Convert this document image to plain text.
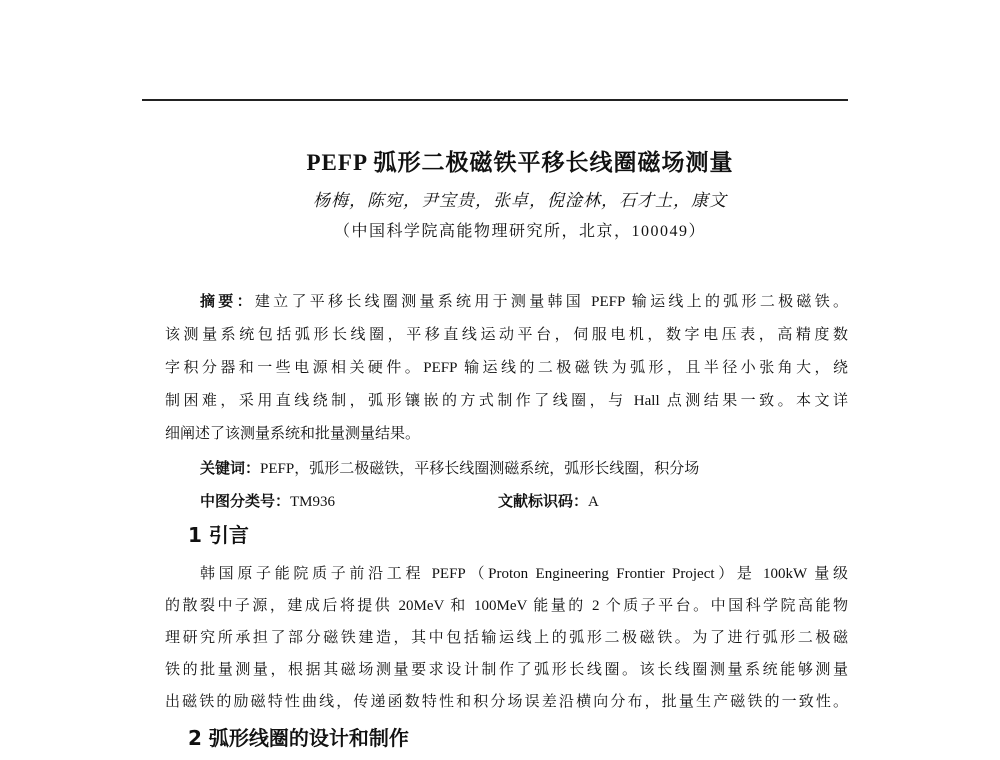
PEFP 弧形二极磁铁平移长线圈磁场测量
杨梅，陈宛，尹宝贵，张卓，倪淦林，石才土，康文
（中国科学院高能物理研究所，北京，100049）
摘要：建立了平移长线圈测量系统用于测量韩国 PEFP 输运线上的弧形二极磁铁。
该测量系统包括弧形长线圈，平移直线运动平台，伺服电机，数字电压表，高精度数
字积分器和一些电源相关硬件。PEFP 输运线的二极磁铁为弧形，且半径小张角大，绕
制困难，采用直线绕制，弧形镶嵌的方式制作了线圈，与 Hall 点测结果一致。本文详
细阐述了该测量系统和批量测量结果。
关键词：PEFP，弧形二极磁铁，平移长线圈测磁系统，弧形长线圈，积分场
中图分类号：TM936	文献标识码：A
1 引言
韩国原子能院质子前沿工程 PEFP（Proton Engineering Frontier Project）是 100kW 量级
的散裂中子源，建成后将提供 20MeV 和 100MeV 能量的 2 个质子平台。中国科学院高能物
理研究所承担了部分磁铁建造，其中包括输运线上的弧形二极磁铁。为了进行弧形二极磁
铁的批量测量，根据其磁场测量要求设计制作了弧形长线圈。该长线圈测量系统能够测量
出磁铁的励磁特性曲线，传递函数特性和积分场误差沿横向分布，批量生产磁铁的一致性。
2 弧形线圈的设计和制作
